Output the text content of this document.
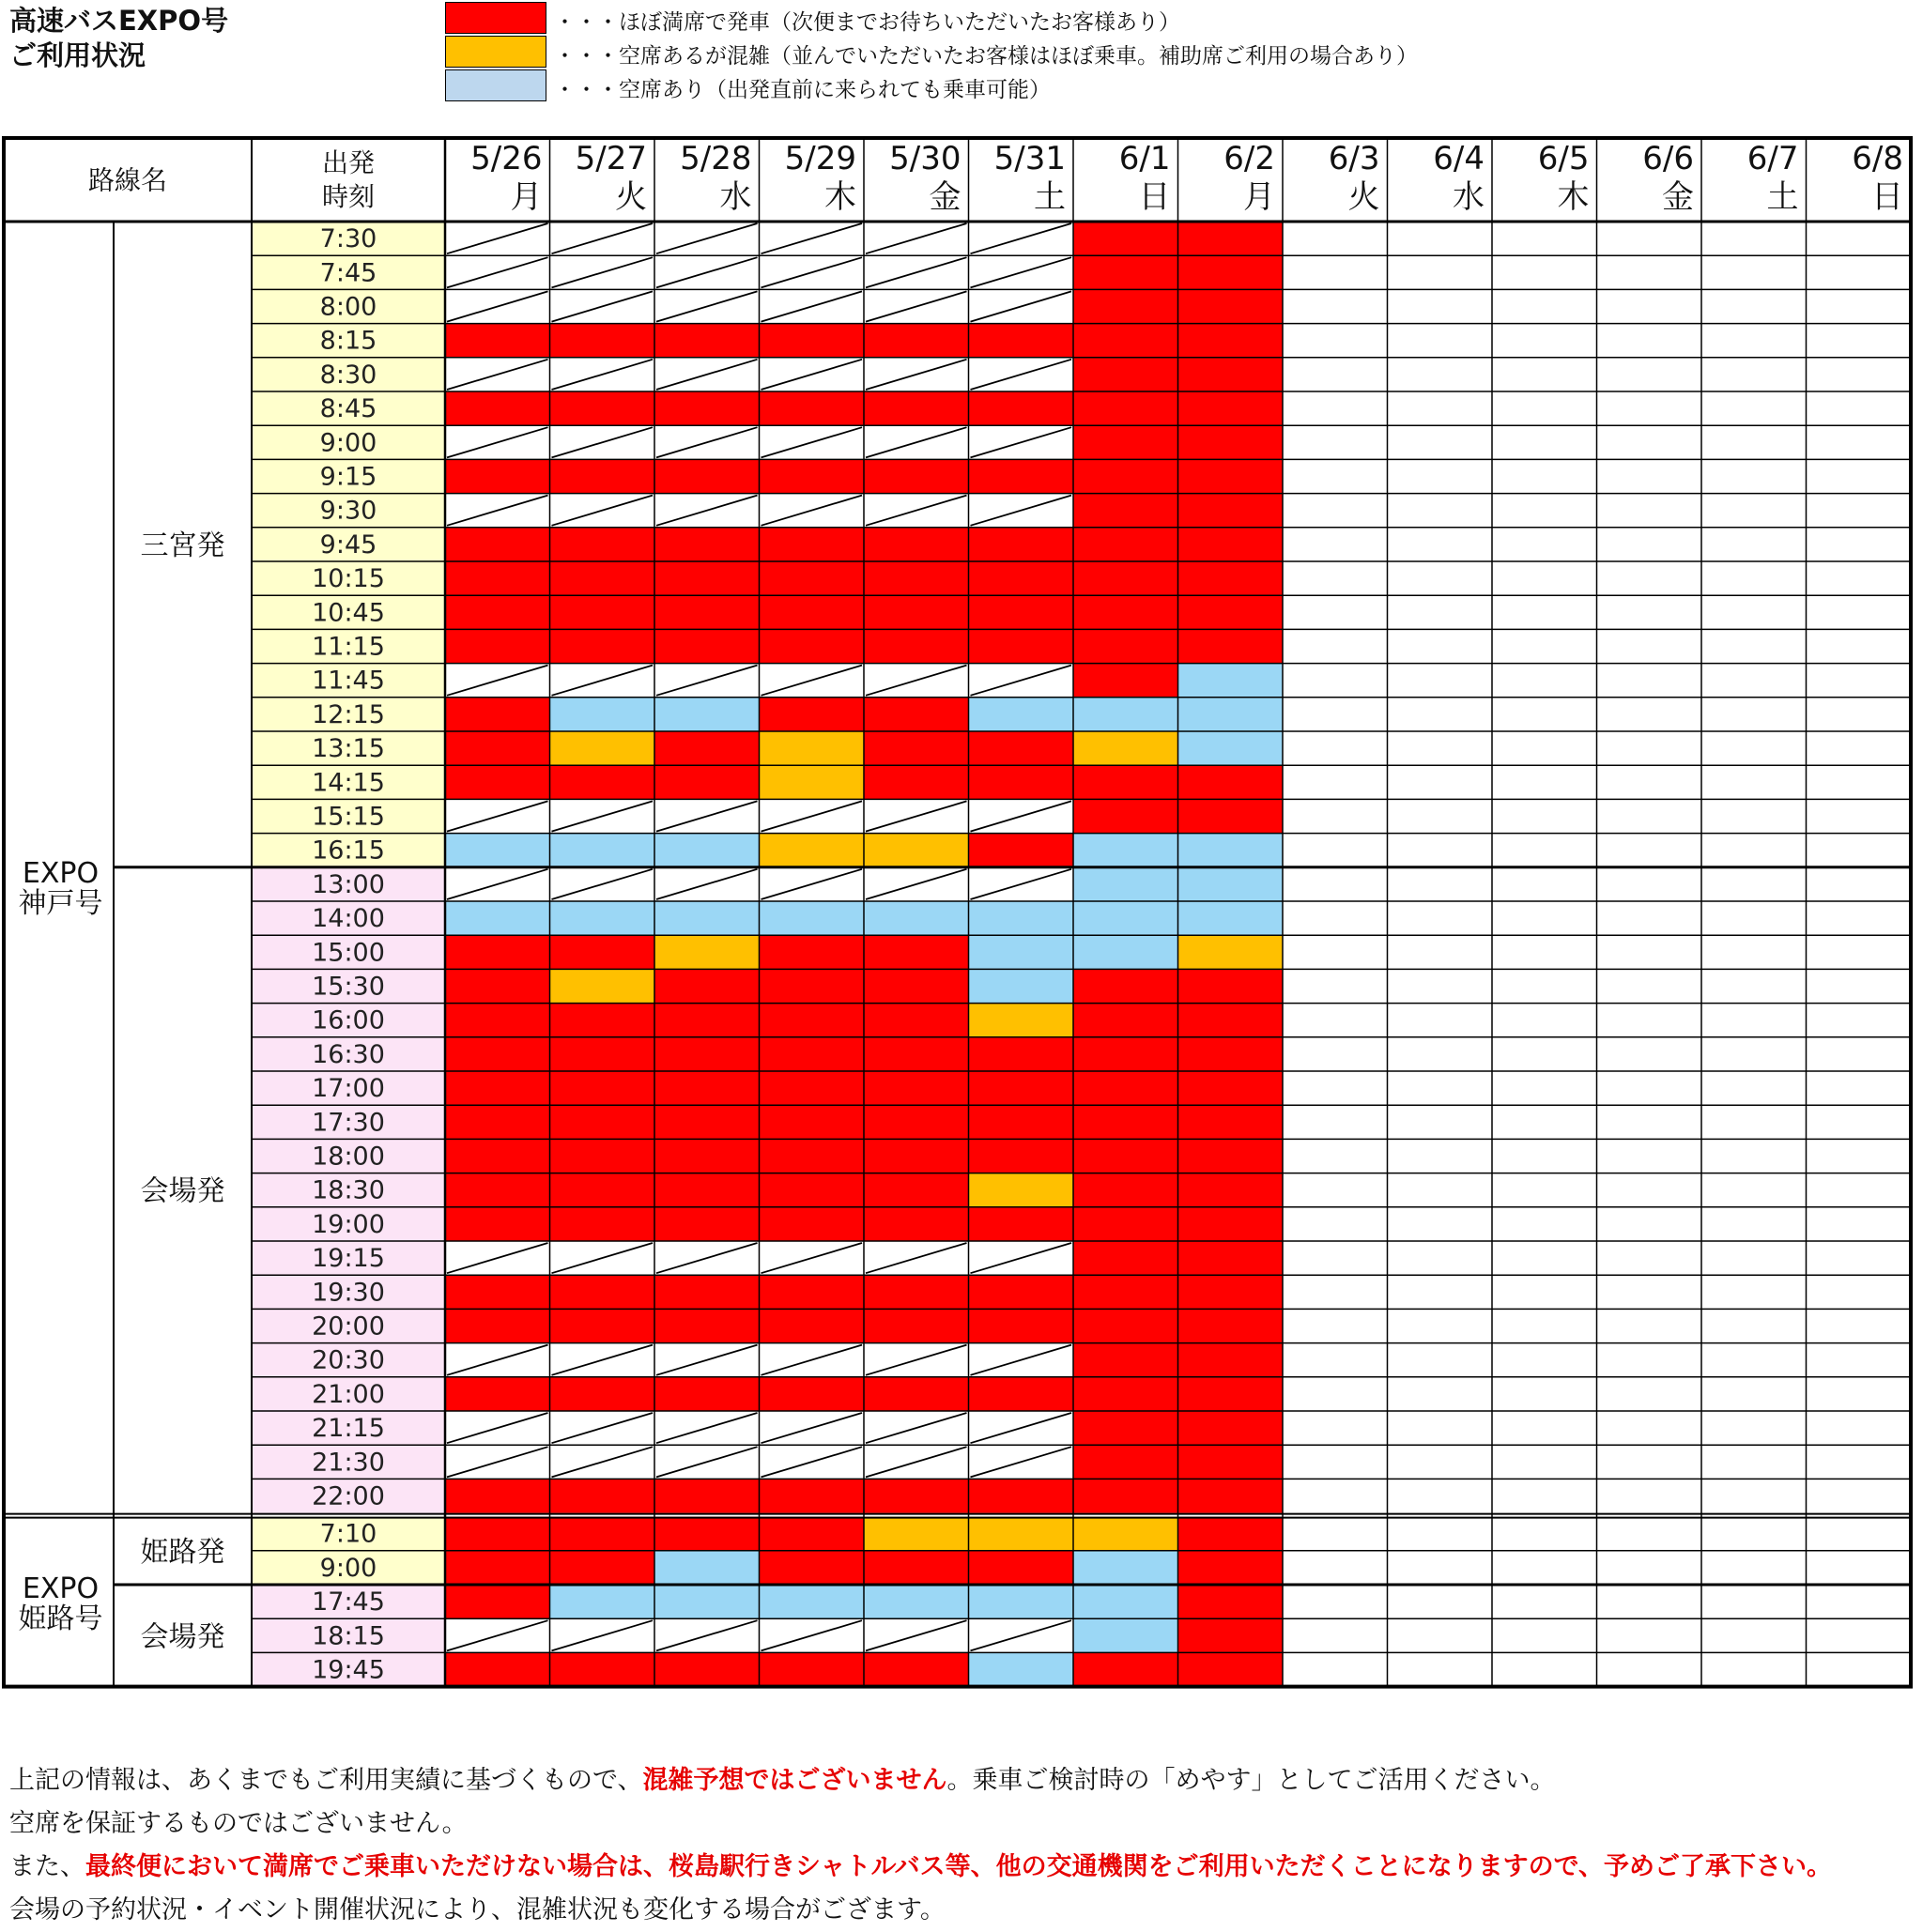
高速バスEXPO号
ご利用状況
・・・ほぼ満席で発車（次便までお待ちいただいたお客様あり）
・・・空席あるが混雑（並んでいただいたお客様はほぼ乗車。補助席ご利用の場合あり）
・・・空席あり（出発直前に来られても乗車可能）
路線名
出発
時刻
5/26
月
5/27
火
5/28
水
5/29
木
5/30
金
5/31
土
6/1
日
6/2
月
6/3
火
6/4
水
6/5
木
6/6
金
6/7
土
6/8
日
7:30
7:45
8:00
8:15
8:30
8:45
9:00
9:15
9:30
9:45
10:15
10:45
11:15
11:45
12:15
13:15
14:15
15:15
16:15
13:00
14:00
15:00
15:30
16:00
16:30
17:00
17:30
18:00
18:30
19:00
19:15
19:30
20:00
20:30
21:00
21:15
21:30
22:00
7:10
9:00
17:45
18:15
19:45
三宮発
会場発
姫路発
会場発
EXPO
神戸号
EXPO
姫路号
上記の情報は、あくまでもご利用実績に基づくもので、混雑予想ではございません。乗車ご検討時の「めやす」としてご活用ください。
空席を保証するものではございません。
また、最終便において満席でご乗車いただけない場合は、桜島駅行きシャトルバス等、他の交通機関をご利用いただくことになりますので、予めご了承下さい。
会場の予約状況・イベント開催状況により、混雑状況も変化する場合がござます。
